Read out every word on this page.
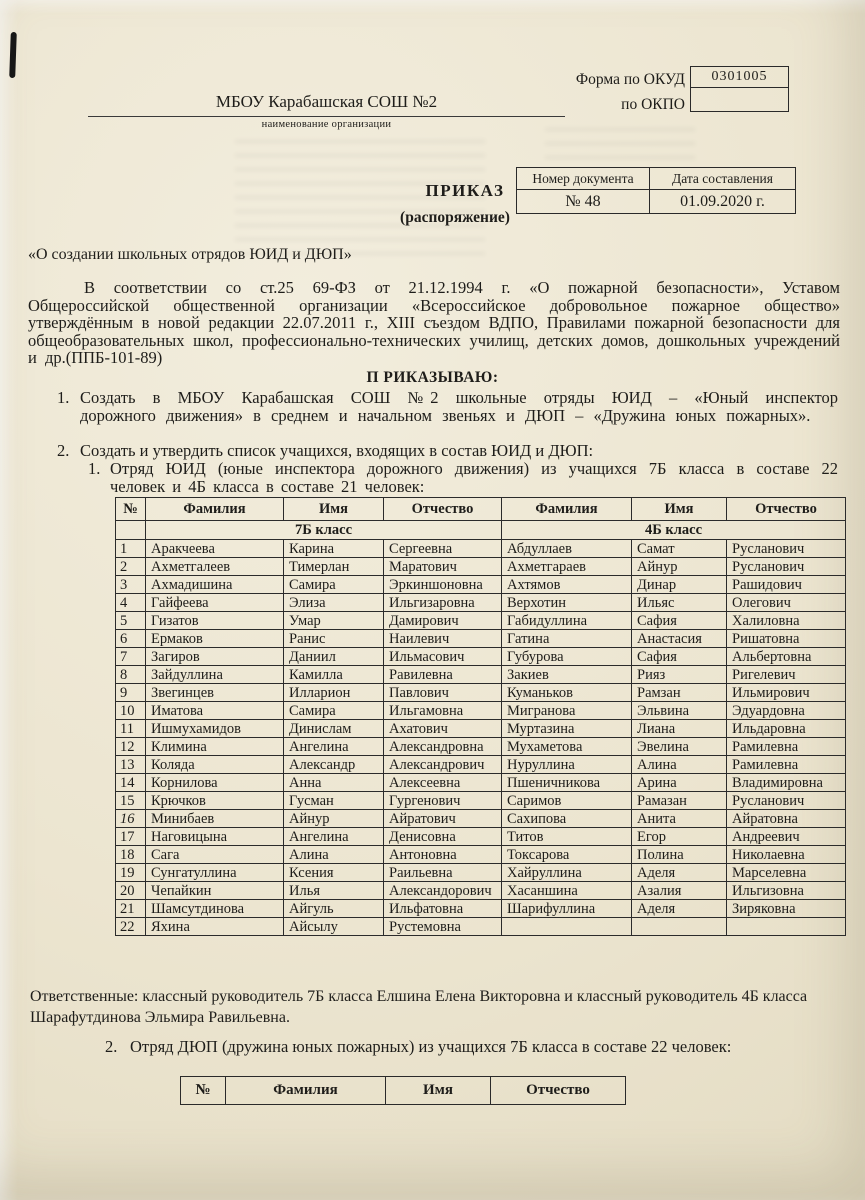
Форма по ОКУД	0301005
по ОКПО
МБОУ Карабашская СОШ №2
наименование организации
Номер документа	Дата составления
№ 48	01.09.2020 г.
ПРИКАЗ
(распоряжение)
«О создании школьных отрядов ЮИД и ДЮП»
В соответствии со ст.25 69-ФЗ от 21.12.1994 г. «О пожарной безопасности», Уставом Общероссийской общественной организации «Всероссийское добровольное пожарное общество» утверждённым в новой редакции 22.07.2011 г., XIII съездом ВДПО, Правилами пожарной безопасности для общеобразовательных школ, профессионально-технических училищ, детских домов, дошкольных учреждений и др.(ППБ-101-89)
П РИКАЗЫВАЮ:
1. Создать в МБОУ Карабашская СОШ №2 школьные отряды ЮИД – «Юный инспектор дорожного движения» в среднем и начальном звеньях и ДЮП – «Дружина юных пожарных».
2. Создать и утвердить список учащихся, входящих в состав ЮИД и ДЮП:
1. Отряд ЮИД (юные инспектора дорожного движения) из учащихся 7Б класса в составе 22 человек и 4Б класса в составе 21 человек:
№	Фамилия	Имя	Отчество	Фамилия	Имя	Отчество
	7Б класс			4Б класс		
1	Аракчеева	Карина	Сергеевна	Абдуллаев	Самат	Русланович
2	Ахметгалеев	Тимерлан	Маратович	Ахметгараев	Айнур	Русланович
3	Ахмадишина	Самира	Эркиншоновна	Ахтямов	Динар	Рашидович
4	Гайфеева	Элиза	Ильгизаровна	Верхотин	Ильяс	Олегович
5	Гизатов	Умар	Дамирович	Габидуллина	Сафия	Халиловна
6	Ермаков	Ранис	Наилевич	Гатина	Анастасия	Ришатовна
7	Загиров	Даниил	Ильмасович	Губурова	Сафия	Альбертовна
8	Зайдуллина	Камилла	Равилевна	Закиев	Рияз	Ригелевич
9	Звегинцев	Илларион	Павлович	Куманьков	Рамзан	Ильмирович
10	Иматова	Самира	Ильгамовна	Мигранова	Эльвина	Эдуардовна
11	Ишмухамидов	Динислам	Ахатович	Муртазина	Лиана	Ильдаровна
12	Климина	Ангелина	Александровна	Мухаметова	Эвелина	Рамилевна
13	Коляда	Александр	Александрович	Нуруллина	Алина	Рамилевна
14	Корнилова	Анна	Алексеевна	Пшеничникова	Арина	Владимировна
15	Крючков	Гусман	Гургенович	Саримов	Рамазан	Русланович
16	Минибаев	Айнур	Айратович	Сахипова	Анита	Айратовна
17	Наговицына	Ангелина	Денисовна	Титов	Егор	Андреевич
18	Сага	Алина	Антоновна	Токсарова	Полина	Николаевна
19	Сунгатуллина	Ксения	Раильевна	Хайруллина	Аделя	Марселевна
20	Чепайкин	Илья	Александорович	Хасаншина	Азалия	Ильгизовна
21	Шамсутдинова	Айгуль	Ильфатовна	Шарифуллина	Аделя	Зиряковна
22	Яхина	Айсылу	Рустемовна			
Ответственные: классный руководитель 7Б класса Елшина Елена Викторовна и классный руководитель 4Б класса Шарафутдинова Эльмира Равильевна.
2. Отряд ДЮП (дружина юных пожарных) из учащихся 7Б класса в составе 22 человек:
№	Фамилия	Имя	Отчество
